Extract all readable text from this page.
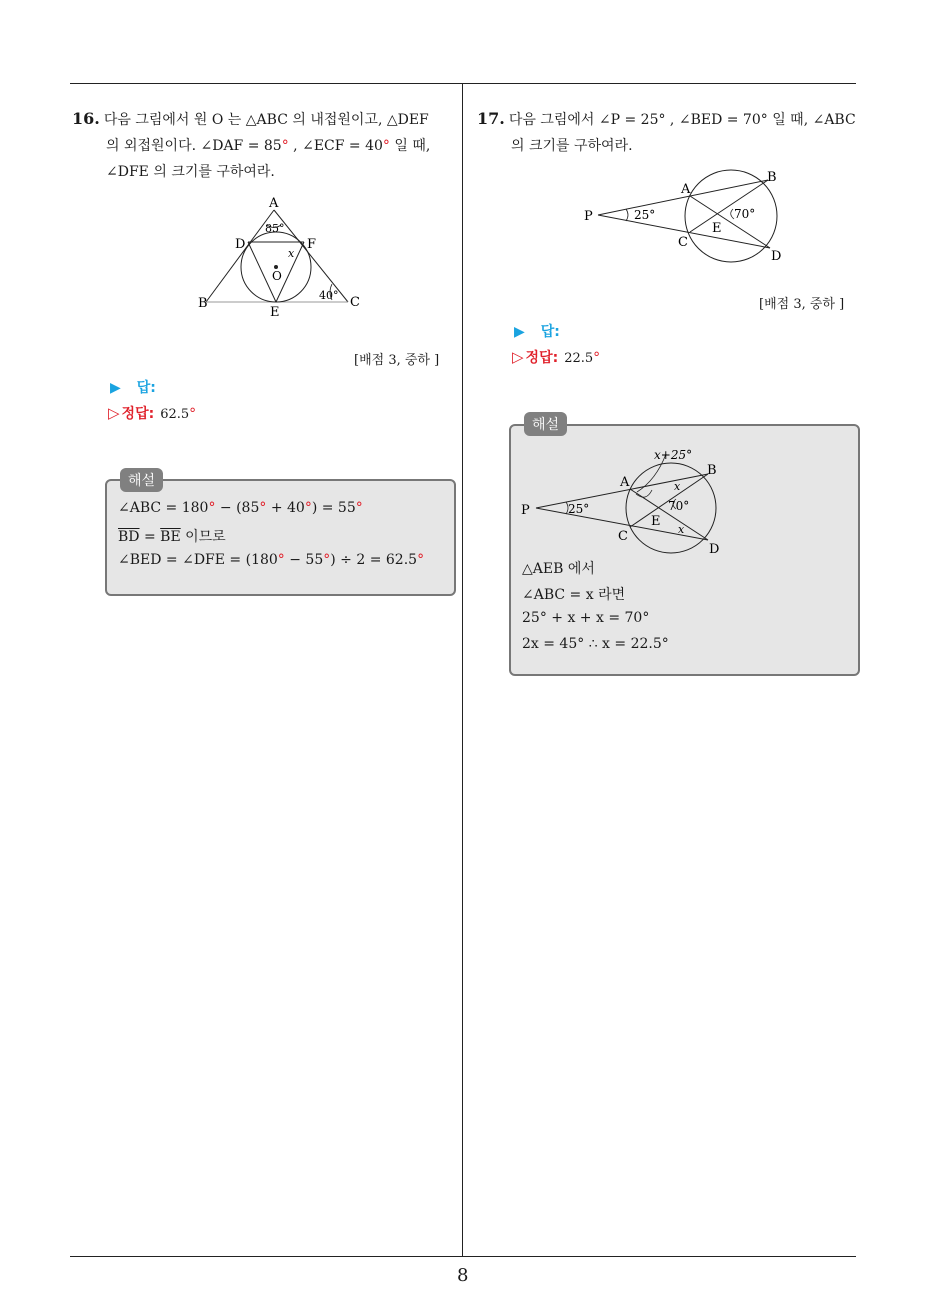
8
16. 다음 그림에서 원 O 는 △ABC 의 내접원이고, △DEF
의 외접원이다. ∠DAF = 85° , ∠ECF = 40° 일 때,
∠DFE 의 크기를 구하여라.
A
D	F
B
E
C
O
85°
40°
x
[배점 3, 중하 ]
▶ 답:
▷ 정답: 62.5°
해설
∠ABC = 180° − (85° + 40°) = 55°
$\overline{BD} = \overline{BE}$ 이므로
∠BED = ∠DFE = (180° − 55°) ÷ 2 = 62.5°
17. 다음 그림에서 ∠P = 25° , ∠BED = 70° 일 때, ∠ABC
의 크기를 구하여라.
P
A
B
C
D
E
25°	70°
[배점 3, 중하 ]
▶ 답:
▷ 정답: 22.5°
해설
x+25°
P
A
B
C
D
E
25°	70°
x
x
△AEB 에서
∠ABC = x 라면
25° + x + x = 70°
2x = 45° ∴ x = 22.5°
